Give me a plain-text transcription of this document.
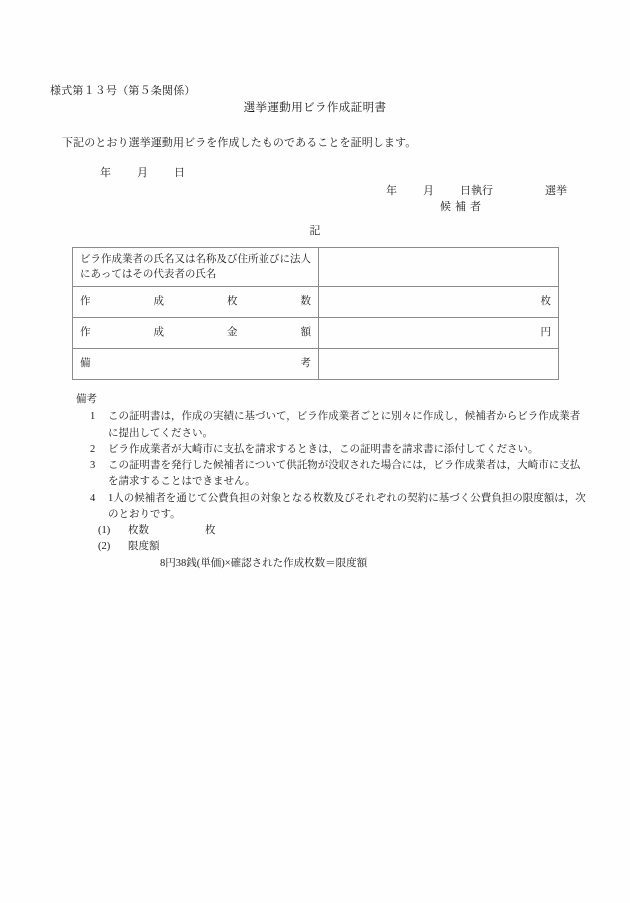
様式第１３号（第５条関係）
選挙運動用ビラ作成証明書
下記のとおり選挙運動用ビラを作成したものであることを証明します。
年 月 日
年 月 日執行	選挙
候補者
記
ビラ作成業者の氏名又は名称及び住所並びに法人にあってはその代表者の氏名	

作 成 枚 数	枚

作 成 金 額	円

備 考	

備考

1	この証明書は，作成の実績に基づいて，ビラ作成業者ごとに別々に作成し，候補者からビラ作成業者に提出してください。
2	ビラ作成業者が大崎市に支払を請求するときは，この証明書を請求書に添付してください。
3	この証明書を発行した候補者について供託物が没収された場合には，ビラ作成業者は，大崎市に支払を請求することはできません。
4	1人の候補者を通じて公費負担の対象となる枚数及びそれぞれの契約に基づく公費負担の限度額は，次のとおりです。
(1)	枚数	枚
(2)	限度額
8円38銭(単価)×確認された作成枚数＝限度額
